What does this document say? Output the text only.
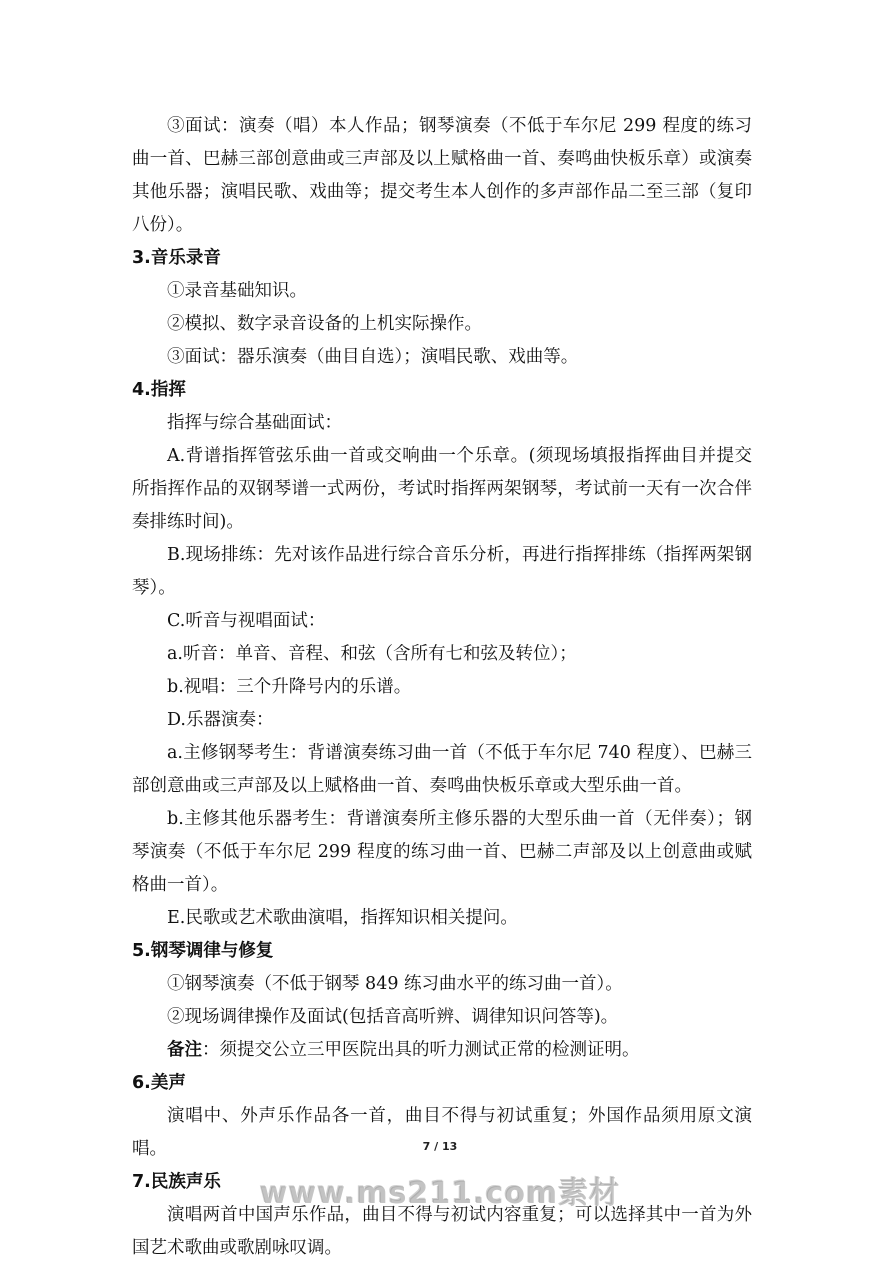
③面试：演奏（唱）本人作品；钢琴演奏（不低于车尔尼 299 程度的练习曲一首、巴赫三部创意曲或三声部及以上赋格曲一首、奏鸣曲快板乐章）或演奏其他乐器；演唱民歌、戏曲等；提交考生本人创作的多声部作品二至三部（复印八份）。

3.音乐录音

①录音基础知识。

②模拟、数字录音设备的上机实际操作。

③面试：器乐演奏（曲目自选）；演唱民歌、戏曲等。

4.指挥

指挥与综合基础面试：

A.背谱指挥管弦乐曲一首或交响曲一个乐章。(须现场填报指挥曲目并提交所指挥作品的双钢琴谱一式两份，考试时指挥两架钢琴，考试前一天有一次合伴奏排练时间)。

B.现场排练：先对该作品进行综合音乐分析，再进行指挥排练（指挥两架钢琴）。

C.听音与视唱面试：

a.听音：单音、音程、和弦（含所有七和弦及转位）；

b.视唱：三个升降号内的乐谱。

D.乐器演奏：

a.主修钢琴考生：背谱演奏练习曲一首（不低于车尔尼 740 程度）、巴赫三部创意曲或三声部及以上赋格曲一首、奏鸣曲快板乐章或大型乐曲一首。

b.主修其他乐器考生：背谱演奏所主修乐器的大型乐曲一首（无伴奏）；钢琴演奏（不低于车尔尼 299 程度的练习曲一首、巴赫二声部及以上创意曲或赋格曲一首）。

E.民歌或艺术歌曲演唱，指挥知识相关提问。

5.钢琴调律与修复

①钢琴演奏（不低于钢琴 849 练习曲水平的练习曲一首）。

②现场调律操作及面试(包括音高听辨、调律知识问答等)。

备注：须提交公立三甲医院出具的听力测试正常的检测证明。

6.美声

演唱中、外声乐作品各一首，曲目不得与初试重复；外国作品须用原文演唱。

7.民族声乐

演唱两首中国声乐作品，曲目不得与初试内容重复；可以选择其中一首为外国艺术歌曲或歌剧咏叹调。

7 / 13
www.ms211.com素材
